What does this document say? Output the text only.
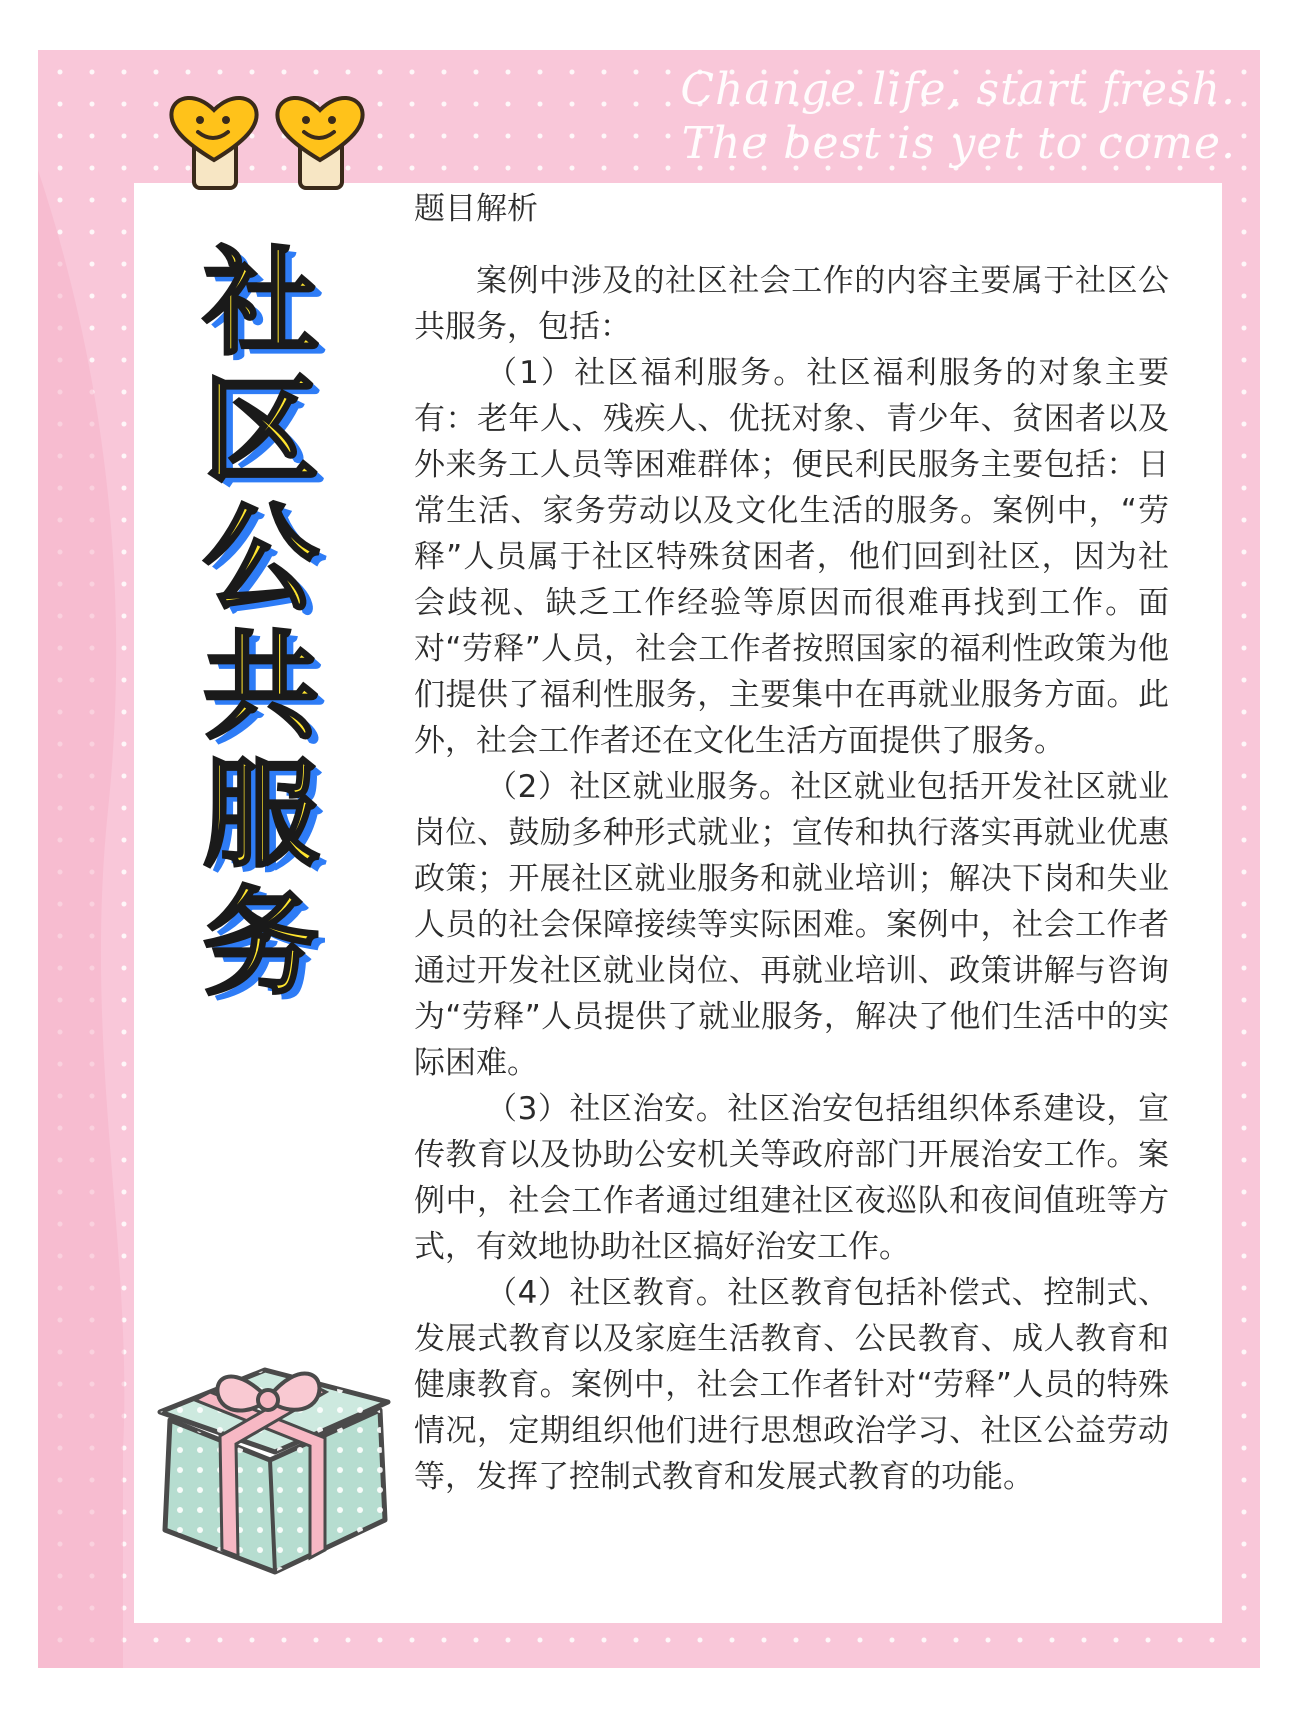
Change life, start fresh.
The best is yet to come.
社
区
公
共
服
务
题目解析

案例中涉及的社区社会工作的内容主要属于社区公共服务，包括：

（1）社区福利服务。社区福利服务的对象主要有：老年人、残疾人、优抚对象、青少年、贫困者以及外来务工人员等困难群体；便民利民服务主要包括：日常生活、家务劳动以及文化生活的服务。案例中，“劳释”人员属于社区特殊贫困者，他们回到社区，因为社会歧视、缺乏工作经验等原因而很难再找到工作。面对“劳释”人员，社会工作者按照国家的福利性政策为他们提供了福利性服务，主要集中在再就业服务方面。此外，社会工作者还在文化生活方面提供了服务。

（2）社区就业服务。社区就业包括开发社区就业岗位、鼓励多种形式就业；宣传和执行落实再就业优惠政策；开展社区就业服务和就业培训；解决下岗和失业人员的社会保障接续等实际困难。案例中，社会工作者通过开发社区就业岗位、再就业培训、政策讲解与咨询为“劳释”人员提供了就业服务，解决了他们生活中的实际困难。

（3）社区治安。社区治安包括组织体系建设，宣传教育以及协助公安机关等政府部门开展治安工作。案例中，社会工作者通过组建社区夜巡队和夜间值班等方式，有效地协助社区搞好治安工作。

（4）社区教育。社区教育包括补偿式、控制式、发展式教育以及家庭生活教育、公民教育、成人教育和健康教育。案例中，社会工作者针对“劳释”人员的特殊情况，定期组织他们进行思想政治学习、社区公益劳动等，发挥了控制式教育和发展式教育的功能。
